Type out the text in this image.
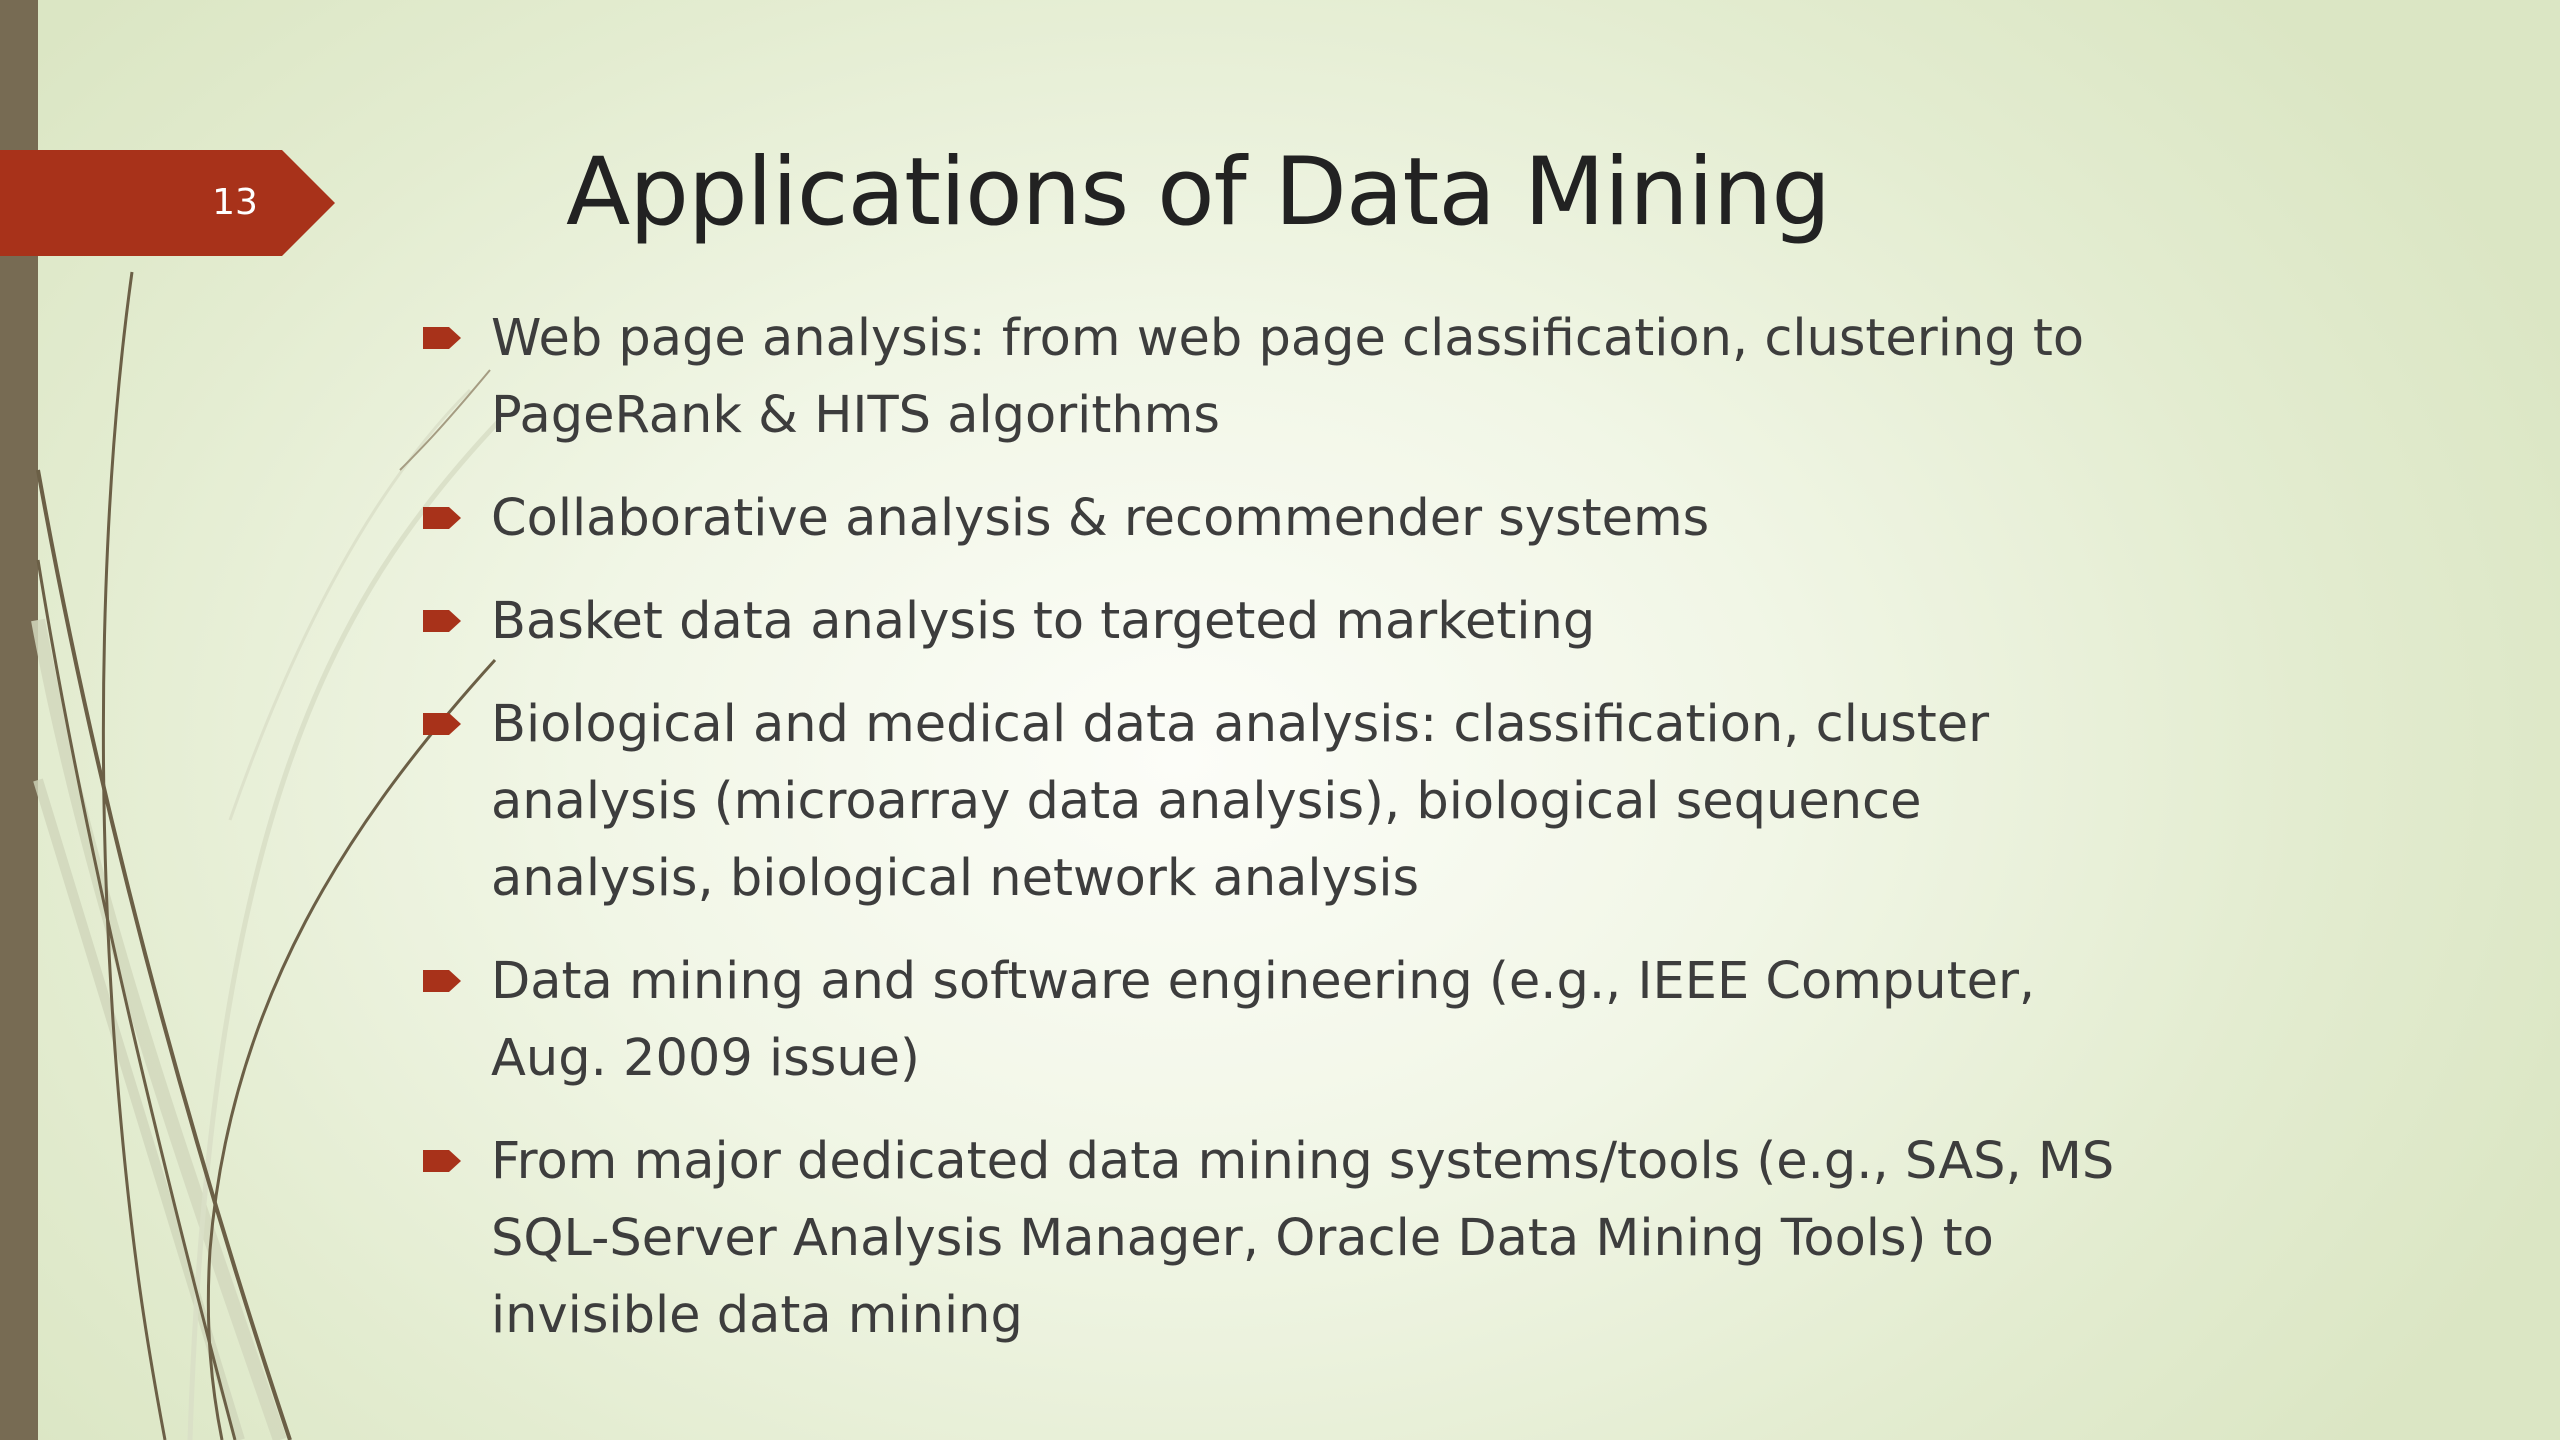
13	Applications of Data Mining
Web page analysis: from web page classification, clustering to PageRank & HITS algorithms
Collaborative analysis & recommender systems
Basket data analysis to targeted marketing
Biological and medical data analysis: classification, cluster analysis (microarray data analysis), biological sequence analysis, biological network analysis
Data mining and software engineering (e.g., IEEE Computer, Aug. 2009 issue)
From major dedicated data mining systems/tools (e.g., SAS, MS SQL-Server Analysis Manager, Oracle Data Mining Tools) to invisible data mining
